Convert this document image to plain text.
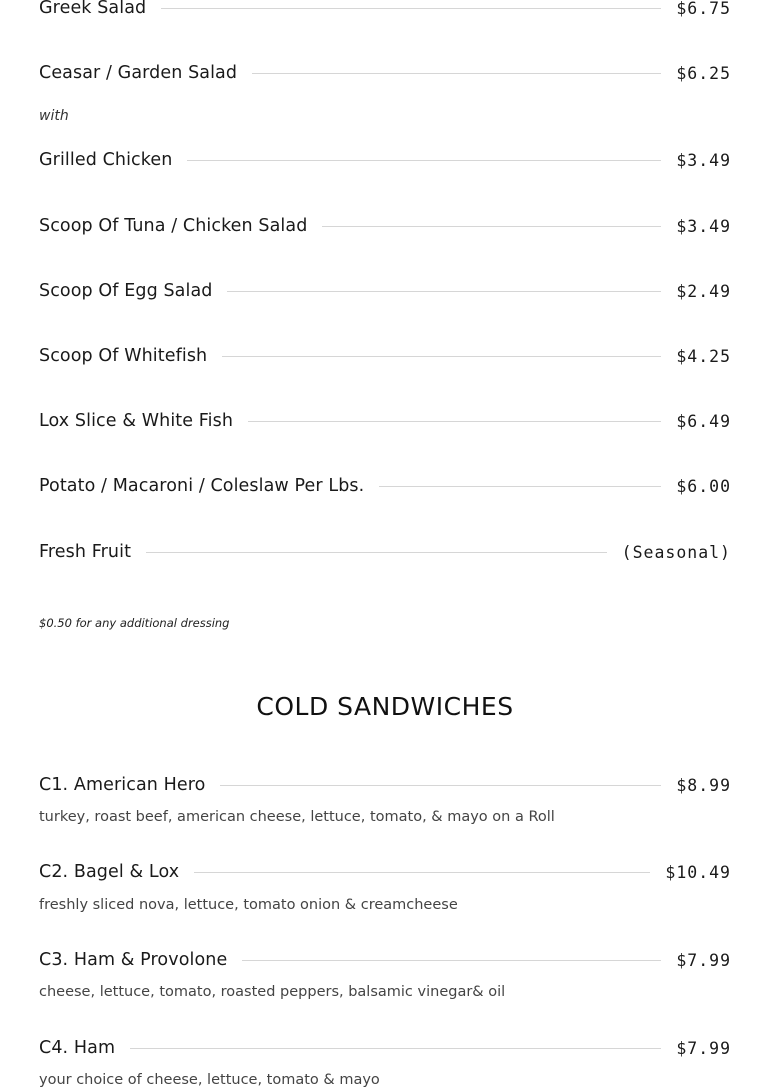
Greek Salad	$6.75
Ceasar / Garden Salad	$6.25
with
Grilled Chicken	$3.49
Scoop Of Tuna / Chicken Salad	$3.49
Scoop Of Egg Salad	$2.49
Scoop Of Whitefish	$4.25
Lox Slice & White Fish	$6.49
Potato / Macaroni / Coleslaw Per Lbs.	$6.00
Fresh Fruit	(Seasonal)
$0.50 for any additional dressing
COLD SANDWICHES
C1. American Hero	$8.99
turkey, roast beef, american cheese, lettuce, tomato, & mayo on a Roll
C2. Bagel & Lox	$10.49
freshly sliced nova, lettuce, tomato onion & creamcheese
C3. Ham & Provolone	$7.99
cheese, lettuce, tomato, roasted peppers, balsamic vinegar& oil
C4. Ham	$7.99
your choice of cheese, lettuce, tomato & mayo
